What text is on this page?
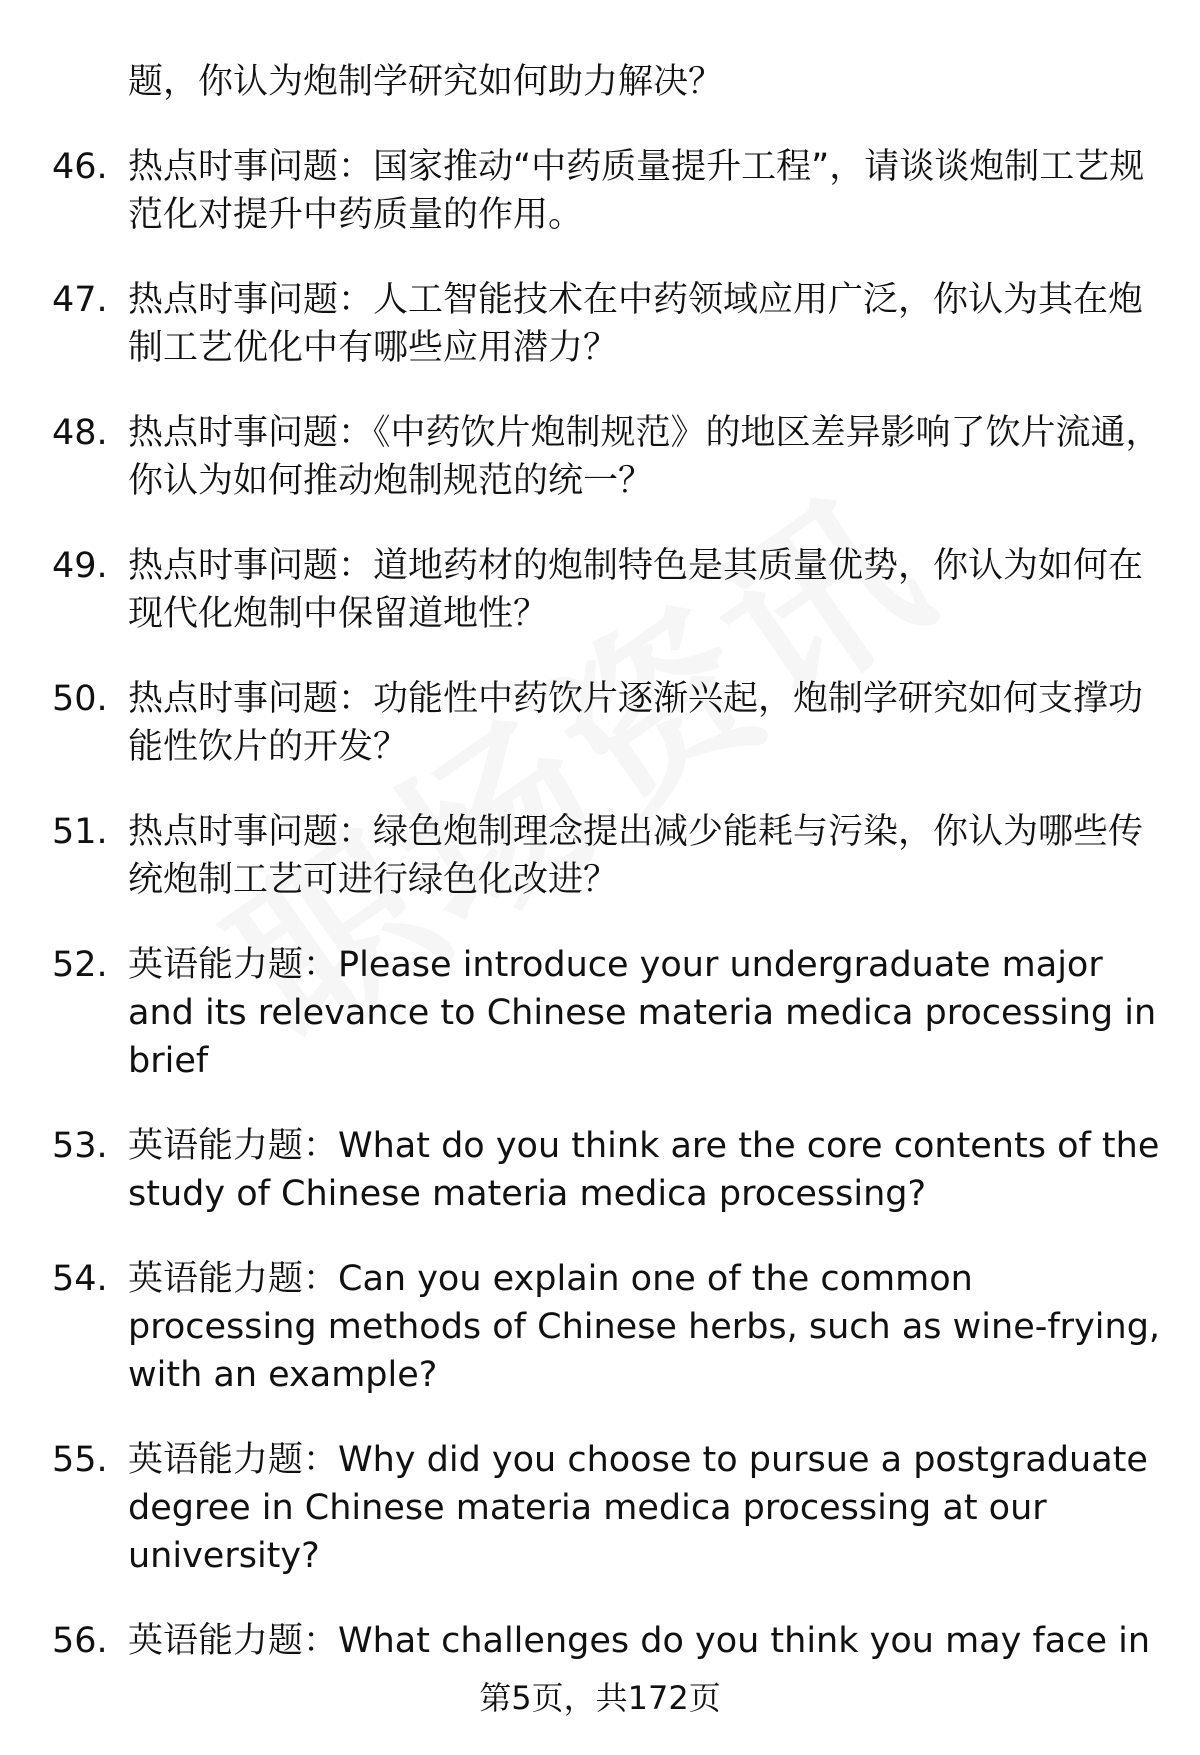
题，你认为炮制学研究如何助力解决？
46. 热点时事问题：国家推动“中药质量提升工程”，请谈谈炮制工艺规范化对提升中药质量的作用。
47. 热点时事问题：人工智能技术在中药领域应用广泛，你认为其在炮制工艺优化中有哪些应用潜力？
48. 热点时事问题：《中药饮片炮制规范》的地区差异影响了饮片流通，你认为如何推动炮制规范的统一？
49. 热点时事问题：道地药材的炮制特色是其质量优势，你认为如何在现代化炮制中保留道地性？
50. 热点时事问题：功能性中药饮片逐渐兴起，炮制学研究如何支撑功能性饮片的开发？
51. 热点时事问题：绿色炮制理念提出减少能耗与污染，你认为哪些传统炮制工艺可进行绿色化改进？
52. 英语能力题：Please introduce your undergraduate major and its relevance to Chinese materia medica processing in brief
53. 英语能力题：What do you think are the core contents of the study of Chinese materia medica processing?
54. 英语能力题：Can you explain one of the common processing methods of Chinese herbs, such as wine-frying, with an example?
55. 英语能力题：Why did you choose to pursue a postgraduate degree in Chinese materia medica processing at our university?
56. 英语能力题：What challenges do you think you may face in
第5页，共172页
